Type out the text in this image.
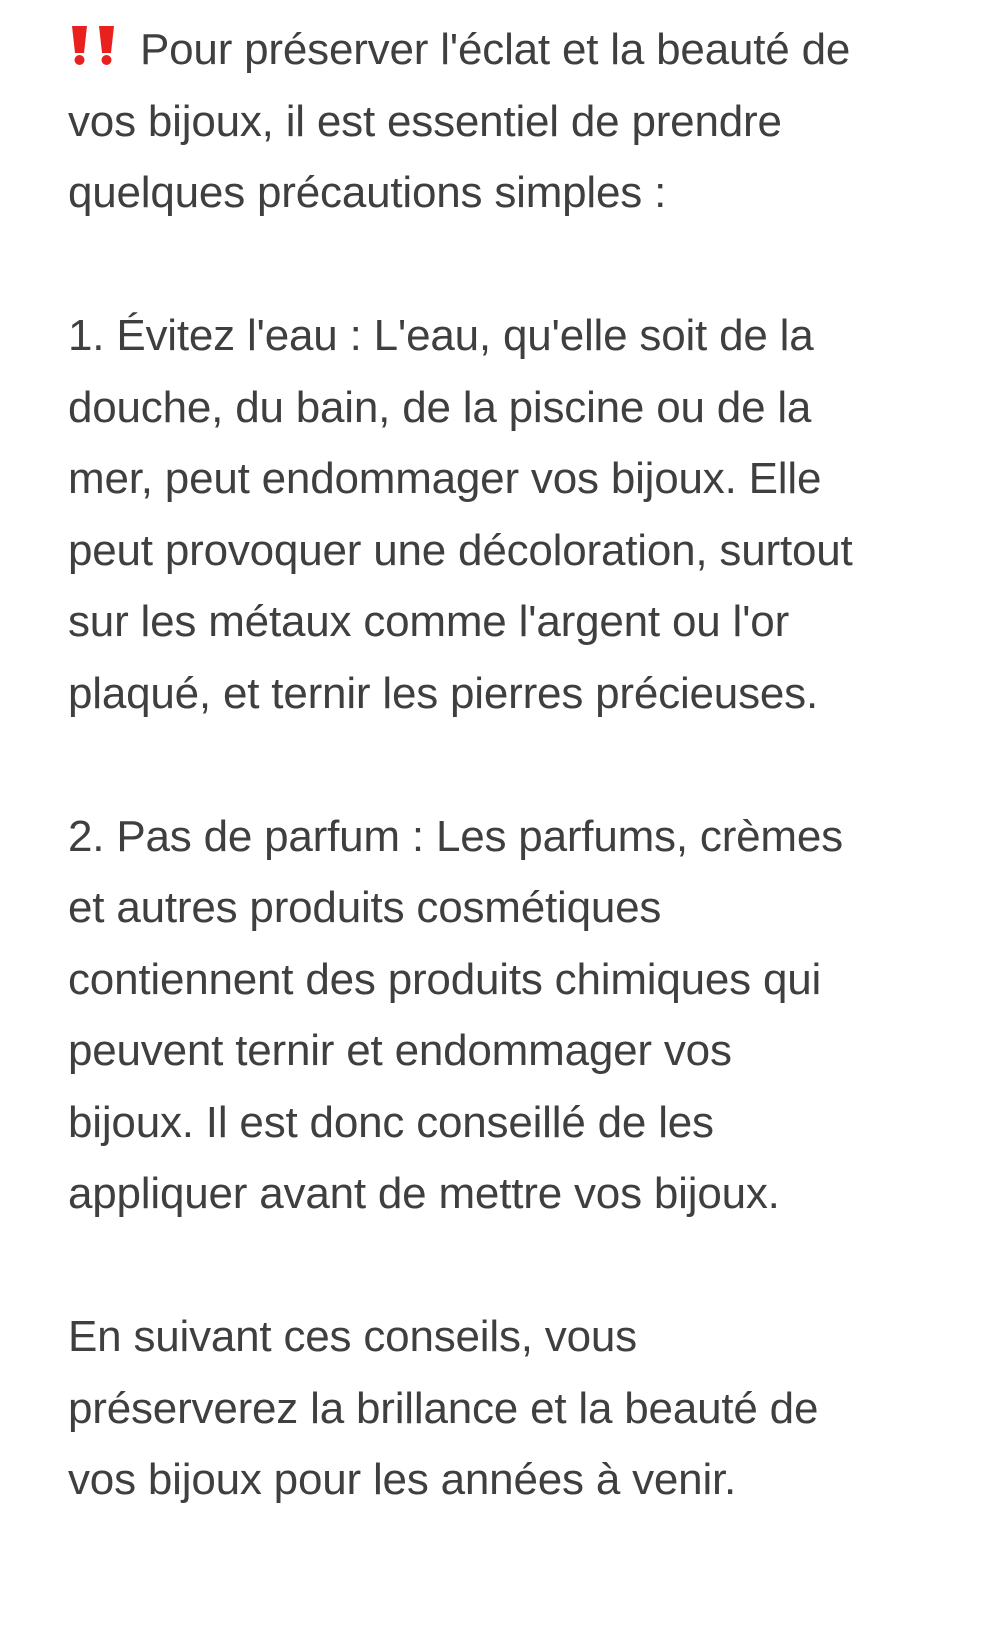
Pour préserver l'éclat et la beauté de
vos bijoux, il est essentiel de prendre
quelques précautions simples :
1. Évitez l'eau : L'eau, qu'elle soit de la
douche, du bain, de la piscine ou de la
mer, peut endommager vos bijoux. Elle
peut provoquer une décoloration, surtout
sur les métaux comme l'argent ou l'or
plaqué, et ternir les pierres précieuses.
2. Pas de parfum : Les parfums, crèmes
et autres produits cosmétiques
contiennent des produits chimiques qui
peuvent ternir et endommager vos
bijoux. Il est donc conseillé de les
appliquer avant de mettre vos bijoux.
En suivant ces conseils, vous
préserverez la brillance et la beauté de
vos bijoux pour les années à venir.
